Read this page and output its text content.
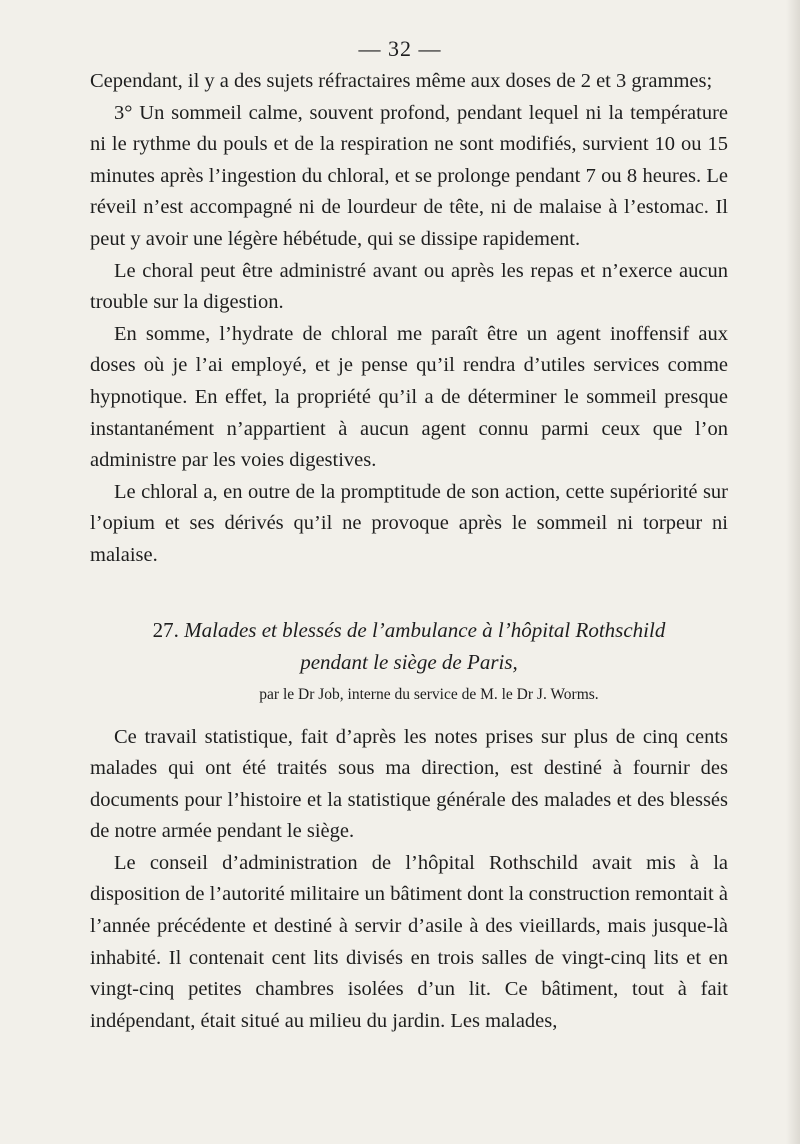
— 32 —

Cependant, il y a des sujets réfractaires même aux doses de 2 et 3 grammes;

3° Un sommeil calme, souvent profond, pendant lequel ni la température ni le rythme du pouls et de la respiration ne sont modifiés, survient 10 ou 15 minutes après l’ingestion du chloral, et se prolonge pendant 7 ou 8 heures. Le réveil n’est accompagné ni de lourdeur de tête, ni de malaise à l’estomac. Il peut y avoir une légère hébétude, qui se dissipe rapidement.

Le choral peut être administré avant ou après les repas et n’exerce aucun trouble sur la digestion.

En somme, l’hydrate de chloral me paraît être un agent inoffensif aux doses où je l’ai employé, et je pense qu’il rendra d’utiles services comme hypnotique. En effet, la propriété qu’il a de déterminer le sommeil presque instantanément n’appartient à aucun agent connu parmi ceux que l’on administre par les voies digestives.

Le chloral a, en outre de la promptitude de son action, cette supériorité sur l’opium et ses dérivés qu’il ne provoque après le sommeil ni torpeur ni malaise.

27. Malades et blessés de l’ambulance à l’hôpital Rothschild
pendant le siège de Paris,

par le Dr Job, interne du service de M. le Dr J. Worms.

Ce travail statistique, fait d’après les notes prises sur plus de cinq cents malades qui ont été traités sous ma direction, est destiné à fournir des documents pour l’histoire et la statistique générale des malades et des blessés de notre armée pendant le siège.

Le conseil d’administration de l’hôpital Rothschild avait mis à la disposition de l’autorité militaire un bâtiment dont la construction remontait à l’année précédente et destiné à servir d’asile à des vieillards, mais jusque-là inhabité. Il contenait cent lits divisés en trois salles de vingt-cinq lits et en vingt-cinq petites chambres isolées d’un lit. Ce bâtiment, tout à fait indépendant, était situé au milieu du jardin. Les malades,
